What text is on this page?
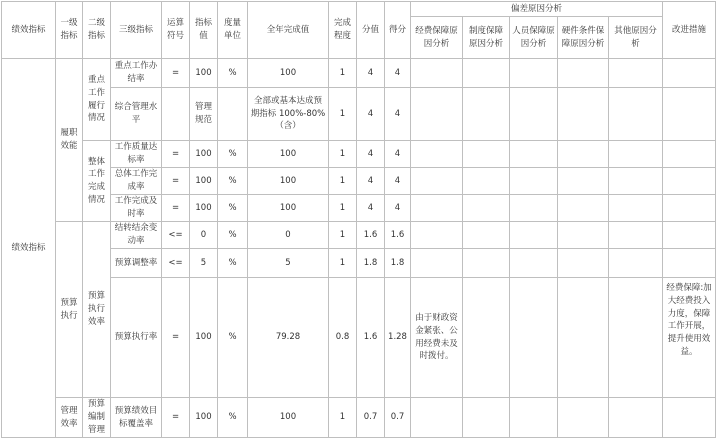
绩效指标	一级指标	二级指标	三级指标	运算符号	指标值	度量单位	全年完成值	完成程度	分值	得分	偏差原因分析					改进措施
											经费保障原因分析	制度保障原因分析	人员保障原因分析	硬件条件保障原因分析	其他原因分析	
绩效指标	履职效能	重点工作履行情况	重点工作办结率	=	100	%	100	1	4	4						
			综合管理水平		管理规范		全部或基本达成预期指标 100%-80%（含）	1	4	4						
		整体工作完成情况	工作质量达标率	=	100	%	100	1	4	4						
			总体工作完成率	=	100	%	100	1	4	4						
			工作完成及时率	=	100	%	100	1	4	4						
	预算执行	预算执行效率	结转结余变动率	<=	0	%	0	1	1.6	1.6						
			预算调整率	<=	5	%	5	1	1.8	1.8						
			预算执行率	=	100	%	79.28	0.8	1.6	1.28	由于财政资金紧张、公用经费未及时拨付。					经费保障:加大经费投入力度，保障工作开展，提升使用效益。
	管理效率	预算编制管理	预算绩效目标覆盖率	=	100	%	100	1	0.7	0.7						
